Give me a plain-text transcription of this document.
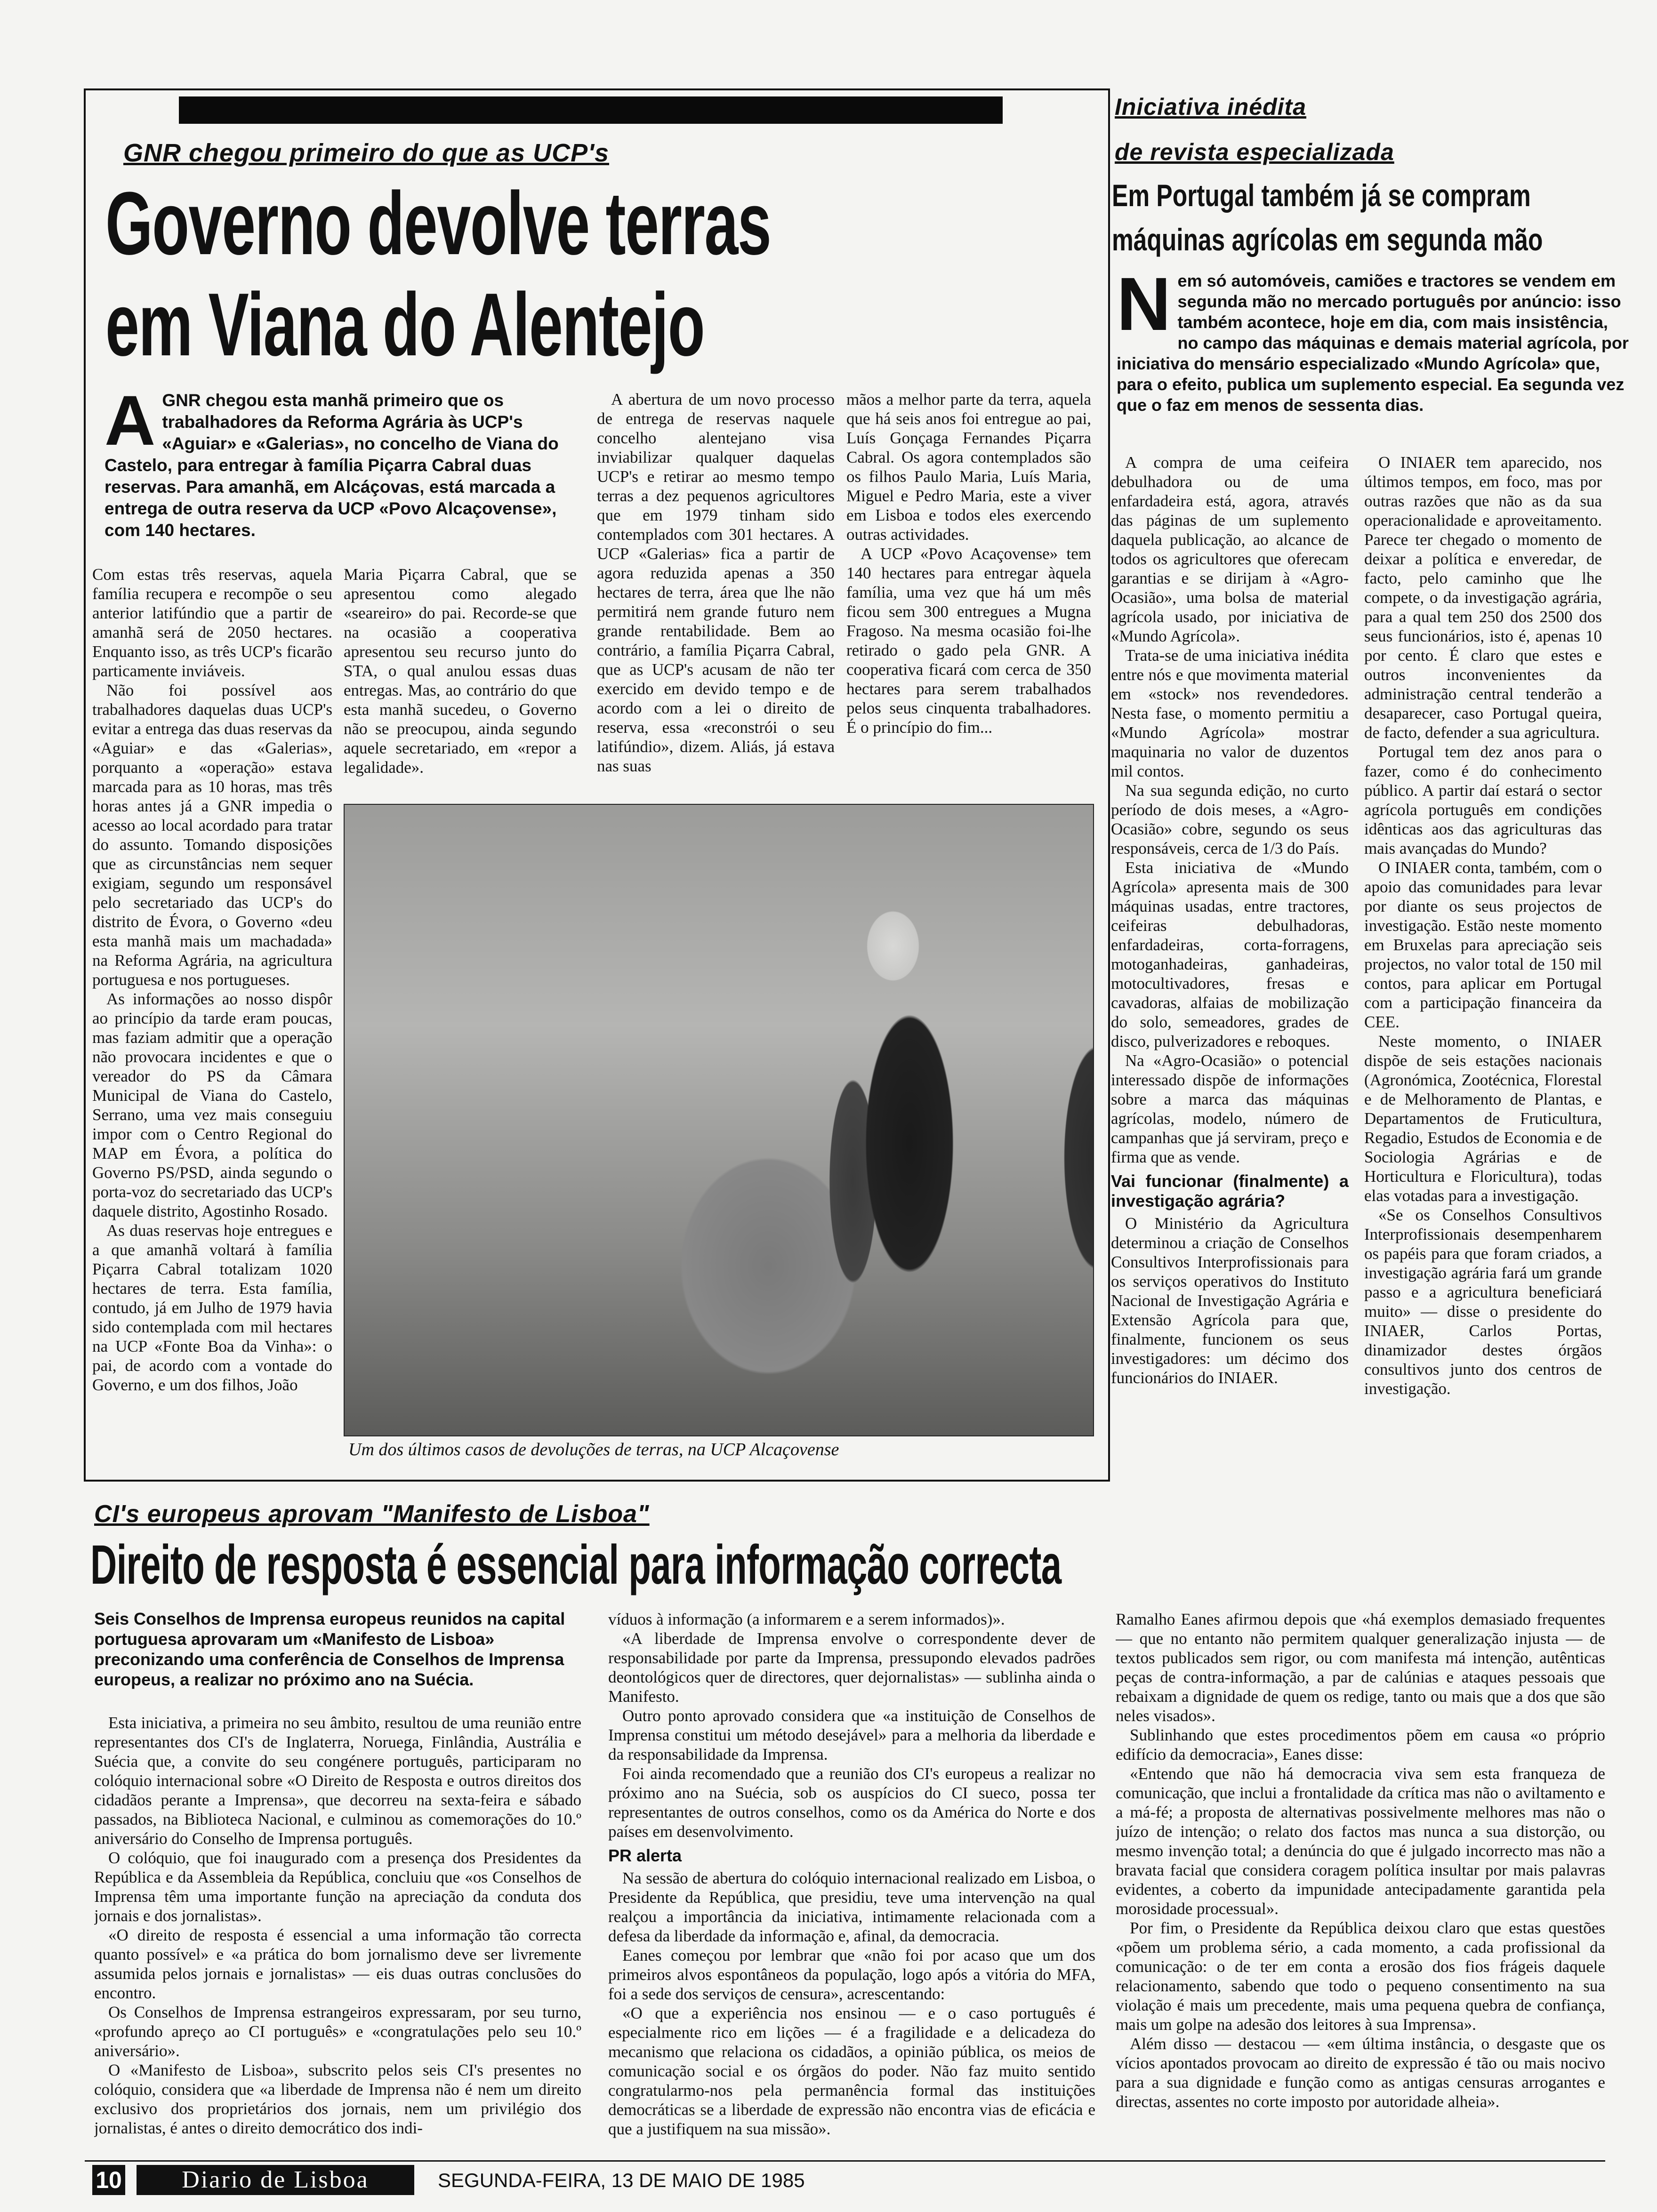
GNR chegou primeiro do que as UCP's
Governo devolve terras
em Viana do Alentejo
A GNR chegou esta manhã primeiro que os trabalhadores da Reforma Agrária às UCP's «Aguiar» e «Galerias», no concelho de Viana do Castelo, para entregar à família Piçarra Cabral duas reservas. Para amanhã, em Alcáçovas, está marcada a entrega de outra reserva da UCP «Povo Alcaçovense», com 140 hectares.

Com estas três reservas, aquela família recupera e recompõe o seu anterior latifúndio que a partir de amanhã será de 2050 hectares. Enquanto isso, as três UCP's ficarão particamente inviáveis.

Não foi possível aos trabalhadores daquelas duas UCP's evitar a entrega das duas reservas da «Aguiar» e das «Galerias», porquanto a «operação» estava marcada para as 10 horas, mas três horas antes já a GNR impedia o acesso ao local acordado para tratar do assunto. Tomando disposições que as circunstâncias nem sequer exigiam, segundo um responsável pelo secretariado das UCP's do distrito de Évora, o Governo «deu esta manhã mais um machadada» na Reforma Agrária, na agricultura portuguesa e nos portugueses.

As informações ao nosso dispôr ao princípio da tarde eram poucas, mas faziam admitir que a operação não provocara incidentes e que o vereador do PS da Câmara Municipal de Viana do Castelo, Serrano, uma vez mais conseguiu impor com o Centro Regional do MAP em Évora, a política do Governo PS/PSD, ainda segundo o porta-voz do secretariado das UCP's daquele distrito, Agostinho Rosado.

As duas reservas hoje entregues e a que amanhã voltará à família Piçarra Cabral totalizam 1020 hectares de terra. Esta família, contudo, já em Julho de 1979 havia sido contemplada com mil hectares na UCP «Fonte Boa da Vinha»: o pai, de acordo com a vontade do Governo, e um dos filhos, João

Maria Piçarra Cabral, que se apresentou como alegado «seareiro» do pai. Recorde-se que na ocasião a cooperativa apresentou seu recurso junto do STA, o qual anulou essas duas entregas. Mas, ao contrário do que esta manhã sucedeu, o Governo não se preocupou, ainda segundo aquele secretariado, em «repor a legalidade».

A abertura de um novo processo de entrega de reservas naquele concelho alentejano visa inviabilizar qualquer daquelas UCP's e retirar ao mesmo tempo terras a dez pequenos agricultores que em 1979 tinham sido contemplados com 301 hectares. A UCP «Galerias» fica a partir de agora reduzida apenas a 350 hectares de terra, área que lhe não permitirá nem grande futuro nem grande rentabilidade. Bem ao contrário, a família Piçarra Cabral, que as UCP's acusam de não ter exercido em devido tempo e de acordo com a lei o direito de reserva, essa «reconstrói o seu latifúndio», dizem. Aliás, já estava nas suas

mãos a melhor parte da terra, aquela que há seis anos foi entregue ao pai, Luís Gonçaga Fernandes Piçarra Cabral. Os agora contemplados são os filhos Paulo Maria, Luís Maria, Miguel e Pedro Maria, este a viver em Lisboa e todos eles exercendo outras actividades.

A UCP «Povo Acaçovense» tem 140 hectares para entregar àquela família, uma vez que há um mês ficou sem 300 entregues a Mugna Fragoso. Na mesma ocasião foi-lhe retirado o gado pela GNR. A cooperativa ficará com cerca de 350 hectares para serem trabalhados pelos seus cinquenta trabalhadores. É o princípio do fim...

Um dos últimos casos de devoluções de terras, na UCP Alcaçovense
Iniciativa inédita
de revista especializada
Em Portugal também já se compram
máquinas agrícolas em segunda mão
N em só automóveis, camiões e tractores se vendem em segunda mão no mercado português por anúncio: isso também acontece, hoje em dia, com mais insistência, no campo das máquinas e demais material agrícola, por iniciativa do mensário especializado «Mundo Agrícola» que, para o efeito, publica um suplemento especial. Ea segunda vez que o faz em menos de sessenta dias.

A compra de uma ceifeira debulhadora ou de uma enfardadeira está, agora, através das páginas de um suplemento daquela publicação, ao alcance de todos os agricultores que oferecam garantias e se dirijam à «Agro-Ocasião», uma bolsa de material agrícola usado, por iniciativa de «Mundo Agrícola».

Trata-se de uma iniciativa inédita entre nós e que movimenta material em «stock» nos revendedores. Nesta fase, o momento permitiu a «Mundo Agrícola» mostrar maquinaria no valor de duzentos mil contos.

Na sua segunda edição, no curto período de dois meses, a «Agro-Ocasião» cobre, segundo os seus responsáveis, cerca de 1/3 do País.

Esta iniciativa de «Mundo Agrícola» apresenta mais de 300 máquinas usadas, entre tractores, ceifeiras debulhadoras, enfardadeiras, corta-forragens, motoganhadeiras, ganhadeiras, motocultivadores, fresas e cavadoras, alfaias de mobilização do solo, semeadores, grades de disco, pulverizadores e reboques.

Na «Agro-Ocasião» o potencial interessado dispõe de informações sobre a marca das máquinas agrícolas, modelo, número de campanhas que já serviram, preço e firma que as vende.

Vai funcionar (finalmente) a investigação agrária?

O Ministério da Agricultura determinou a criação de Conselhos Consultivos Interprofissionais para os serviços operativos do Instituto Nacional de Investigação Agrária e Extensão Agrícola para que, finalmente, funcionem os seus investigadores: um décimo dos funcionários do INIAER.

O INIAER tem aparecido, nos últimos tempos, em foco, mas por outras razões que não as da sua operacionalidade e aproveitamento. Parece ter chegado o momento de deixar a política e enveredar, de facto, pelo caminho que lhe compete, o da investigação agrária, para a qual tem 250 dos 2500 dos seus funcionários, isto é, apenas 10 por cento. É claro que estes e outros inconvenientes da administração central tenderão a desaparecer, caso Portugal queira, de facto, defender a sua agricultura.

Portugal tem dez anos para o fazer, como é do conhecimento público. A partir daí estará o sector agrícola português em condições idênticas aos das agriculturas das mais avançadas do Mundo?

O INIAER conta, também, com o apoio das comunidades para levar por diante os seus projectos de investigação. Estão neste momento em Bruxelas para apreciação seis projectos, no valor total de 150 mil contos, para aplicar em Portugal com a participação financeira da CEE.

Neste momento, o INIAER dispõe de seis estações nacionais (Agronómica, Zootécnica, Florestal e de Melhoramento de Plantas, e Departamentos de Fruticultura, Regadio, Estudos de Economia e de Sociologia Agrárias e de Horticultura e Floricultura), todas elas votadas para a investigação.

«Se os Conselhos Consultivos Interprofissionais desempenharem os papéis para que foram criados, a investigação agrária fará um grande passo e a agricultura beneficiará muito» — disse o presidente do INIAER, Carlos Portas, dinamizador destes órgãos consultivos junto dos centros de investigação.

CI's europeus aprovam "Manifesto de Lisboa"
Direito de resposta é essencial para informação correcta
Seis Conselhos de Imprensa europeus reunidos na capital portuguesa aprovaram um «Manifesto de Lisboa» preconizando uma conferência de Conselhos de Imprensa europeus, a realizar no próximo ano na Suécia.

Esta iniciativa, a primeira no seu âmbito, resultou de uma reunião entre representantes dos CI's de Inglaterra, Noruega, Finlândia, Austrália e Suécia que, a convite do seu congénere português, participaram no colóquio internacional sobre «O Direito de Resposta e outros direitos dos cidadãos perante a Imprensa», que decorreu na sexta-feira e sábado passados, na Biblioteca Nacional, e culminou as comemorações do 10.º aniversário do Conselho de Imprensa português.

O colóquio, que foi inaugurado com a presença dos Presidentes da República e da Assembleia da República, concluiu que «os Conselhos de Imprensa têm uma importante função na apreciação da conduta dos jornais e dos jornalistas».

«O direito de resposta é essencial a uma informação tão correcta quanto possível» e «a prática do bom jornalismo deve ser livremente assumida pelos jornais e jornalistas» — eis duas outras conclusões do encontro.

Os Conselhos de Imprensa estrangeiros expressaram, por seu turno, «profundo apreço ao CI português» e «congratulações pelo seu 10.º aniversário».

O «Manifesto de Lisboa», subscrito pelos seis CI's presentes no colóquio, considera que «a liberdade de Imprensa não é nem um direito exclusivo dos proprietários dos jornais, nem um privilégio dos jornalistas, é antes o direito democrático dos indi-

víduos à informação (a informarem e a serem informados)».

«A liberdade de Imprensa envolve o correspondente dever de responsabilidade por parte da Imprensa, pressupondo elevados padrões deontológicos quer de directores, quer dejornalistas» — sublinha ainda o Manifesto.

Outro ponto aprovado considera que «a instituição de Conselhos de Imprensa constitui um método desejável» para a melhoria da liberdade e da responsabilidade da Imprensa.

Foi ainda recomendado que a reunião dos CI's europeus a realizar no próximo ano na Suécia, sob os auspícios do CI sueco, possa ter representantes de outros conselhos, como os da América do Norte e dos países em desenvolvimento.

PR alerta

Na sessão de abertura do colóquio internacional realizado em Lisboa, o Presidente da República, que presidiu, teve uma intervenção na qual realçou a importância da iniciativa, intimamente relacionada com a defesa da liberdade da informação e, afinal, da democracia.

Eanes começou por lembrar que «não foi por acaso que um dos primeiros alvos espontâneos da população, logo após a vitória do MFA, foi a sede dos serviços de censura», acrescentando:

«O que a experiência nos ensinou — e o caso português é especialmente rico em lições — é a fragilidade e a delicadeza do mecanismo que relaciona os cidadãos, a opinião pública, os meios de comunicação social e os órgãos do poder. Não faz muito sentido congratularmo-nos pela permanência formal das instituições democráticas se a liberdade de expressão não encontra vias de eficácia e que a justifiquem na sua missão».

Ramalho Eanes afirmou depois que «há exemplos demasiado frequentes — que no entanto não permitem qualquer generalização injusta — de textos publicados sem rigor, ou com manifesta má intenção, autênticas peças de contra-informação, a par de calúnias e ataques pessoais que rebaixam a dignidade de quem os redige, tanto ou mais que a dos que são neles visados».

Sublinhando que estes procedimentos põem em causa «o próprio edifício da democracia», Eanes disse:

«Entendo que não há democracia viva sem esta franqueza de comunicação, que inclui a frontalidade da crítica mas não o aviltamento e a má-fé; a proposta de alternativas possivelmente melhores mas não o juízo de intenção; o relato dos factos mas nunca a sua distorção, ou mesmo invenção total; a denúncia do que é julgado incorrecto mas não a bravata facial que considera coragem política insultar por mais palavras evidentes, a coberto da impunidade antecipadamente garantida pela morosidade processual».

Por fim, o Presidente da República deixou claro que estas questões «põem um problema sério, a cada momento, a cada profissional da comunicação: o de ter em conta a erosão dos fios frágeis daquele relacionamento, sabendo que todo o pequeno consentimento na sua violação é mais um precedente, mais uma pequena quebra de confiança, mais um golpe na adesão dos leitores à sua Imprensa».

Além disso — destacou — «em última instância, o desgaste que os vícios apontados provocam ao direito de expressão é tão ou mais nocivo para a sua dignidade e função como as antigas censuras arrogantes e directas, assentes no corte imposto por autoridade alheia».

10	Diario de Lisboa	SEGUNDA-FEIRA, 13 DE MAIO DE 1985
